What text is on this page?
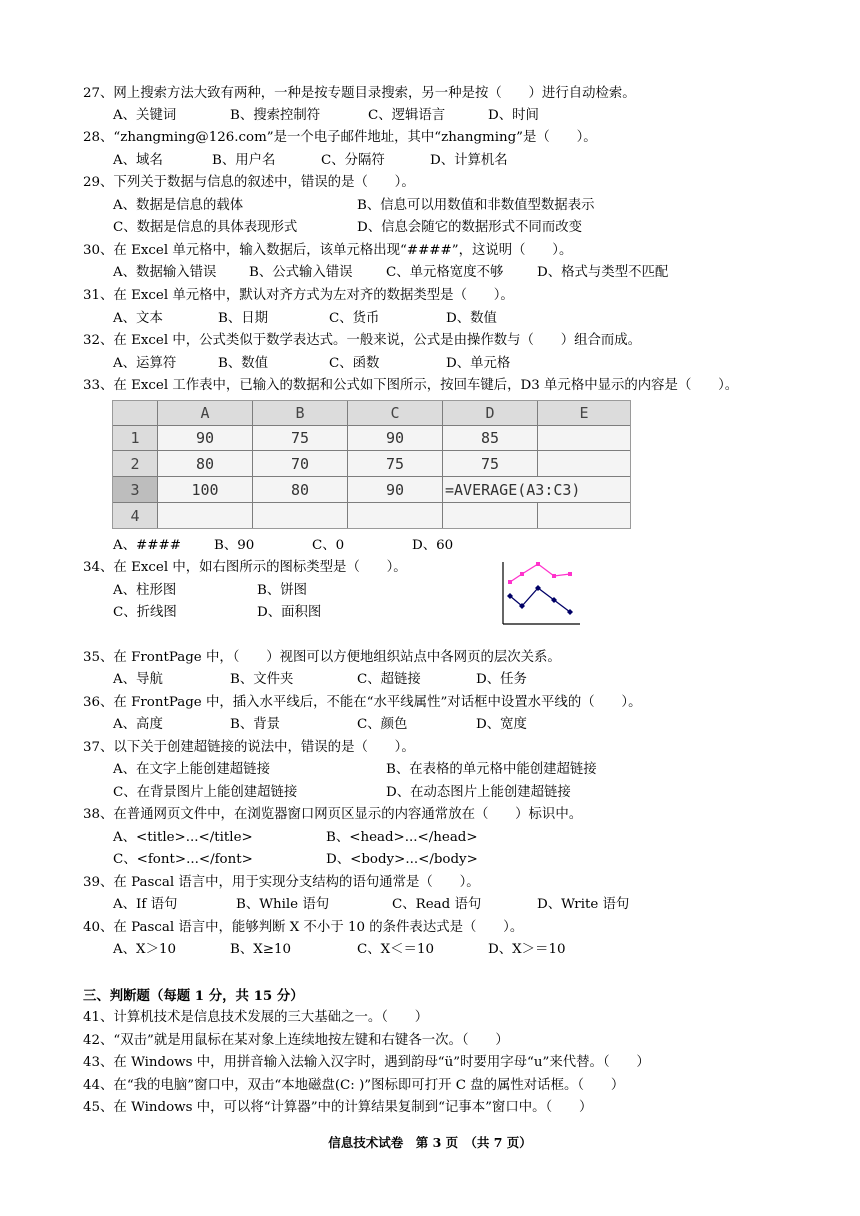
27、网上搜索方法大致有两种，一种是按专题目录搜索，另一种是按（　　）进行自动检索。
A、关键词	B、搜索控制符	C、逻辑语言	D、时间
28、“zhangming@126.com”是一个电子邮件地址，其中“zhangming”是（　　）。
A、域名	B、用户名	C、分隔符	D、计算机名
29、下列关于数据与信息的叙述中，错误的是（　　）。
A、数据是信息的载体	B、信息可以用数值和非数值型数据表示
C、数据是信息的具体表现形式	D、信息会随它的数据形式不同而改变
30、在 Excel 单元格中，输入数据后，该单元格出现“####”，这说明（　　）。
A、数据输入错误 B、公式输入错误 C、单元格宽度不够	D、格式与类型不匹配
31、在 Excel 单元格中，默认对齐方式为左对齐的数据类型是（　　）。
A、文本	B、日期	C、货币	D、数值
32、在 Excel 中，公式类似于数学表达式。一般来说，公式是由操作数与（　　）组合而成。
A、运算符	B、数值	C、函数	D、单元格
33、在 Excel 工作表中，已输入的数据和公式如下图所示，按回车键后，D3 单元格中显示的内容是（　　）。
A	B	C	D	E
1	90	75	90	85
2	80	70	75	75
3	100	80	90	=AVERAGE(A3:C3)
4
A、#### B、90	C、0	D、60
34、在 Excel 中，如右图所示的图标类型是（　　）。
A、柱形图	B、饼图
C、折线图	D、面积图
35、在 FrontPage 中，（　　）视图可以方便地组织站点中各网页的层次关系。
A、导航	B、文件夹	C、超链接	D、任务
36、在 FrontPage 中，插入水平线后，不能在“水平线属性”对话框中设置水平线的（　　）。
A、高度	B、背景	C、颜色	D、宽度
37、以下关于创建超链接的说法中，错误的是（　　）。
A、在文字上能创建超链接	B、在表格的单元格中能创建超链接
C、在背景图片上能创建超链接	D、在动态图片上能创建超链接
38、在普通网页文件中，在浏览器窗口网页区显示的内容通常放在（　　）标识中。
A、<title>...</title>	B、<head>...</head>
C、<font>...</font>	D、<body>...</body>
39、在 Pascal 语言中，用于实现分支结构的语句通常是（　　）。
A、If 语句	B、While 语句	C、Read 语句	D、Write 语句
40、在 Pascal 语言中，能够判断 X 不小于 10 的条件表达式是（　　）。
A、X＞10	B、X≥10	C、X＜＝10	D、X＞＝10
三、判断题（每题 1 分，共 15 分）
41、计算机技术是信息技术发展的三大基础之一。（　　）
42、“双击”就是用鼠标在某对象上连续地按左键和右键各一次。（　　）
43、在 Windows 中，用拼音输入法输入汉字时，遇到韵母“ü”时要用字母“u”来代替。（　　）
44、在“我的电脑”窗口中，双击“本地磁盘(C: )”图标即可打开 C 盘的属性对话框。（　　）
45、在 Windows 中，可以将“计算器”中的计算结果复制到“记事本”窗口中。（　　）
信息技术试卷　第 3 页　（共 7 页）
